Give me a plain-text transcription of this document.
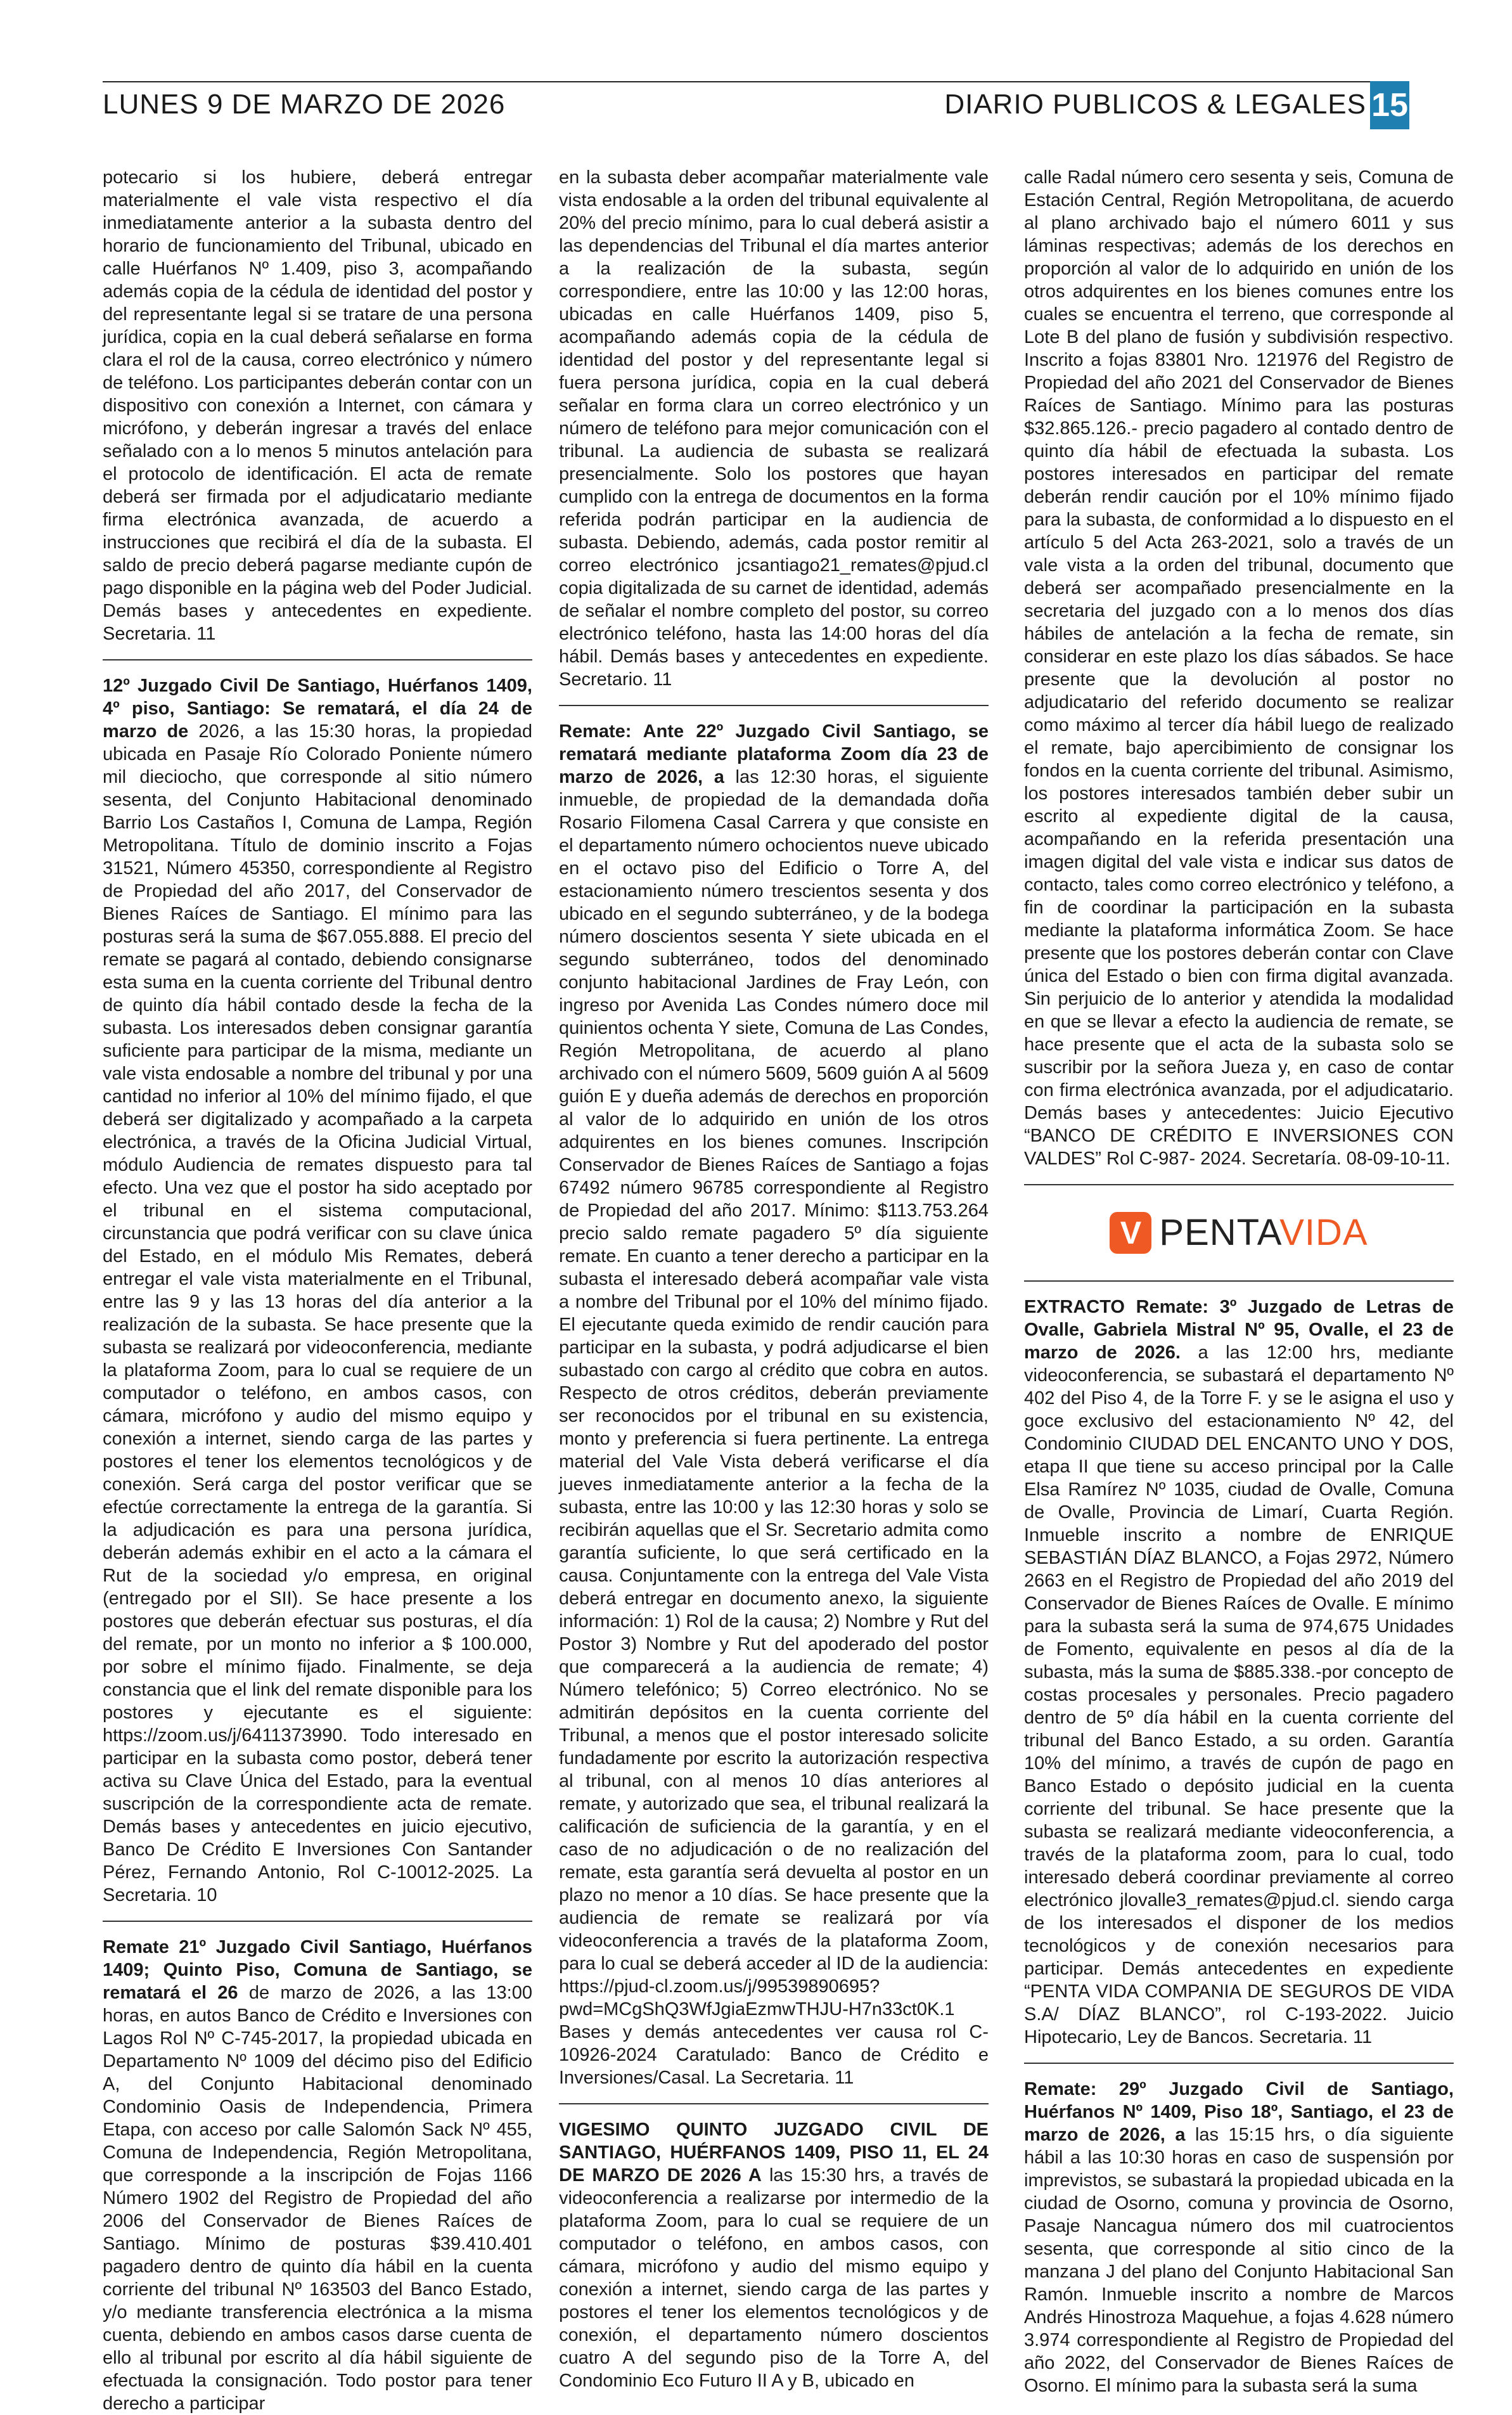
LUNES 9 DE MARZO DE 2026	DIARIO PUBLICOS & LEGALES 15

potecario si los hubiere, deberá entregar materialmente el vale vista respectivo el día inmediatamente anterior a la subasta dentro del horario de funcionamiento del Tribunal, ubicado en calle Huérfanos Nº 1.409, piso 3, acompañando además copia de la cédula de identidad del postor y del representante legal si se tratare de una persona jurídica, copia en la cual deberá señalarse en forma clara el rol de la causa, correo electrónico y número de teléfono. Los participantes deberán contar con un dispositivo con conexión a Internet, con cámara y micrófono, y deberán ingresar a través del enlace señalado con a lo menos 5 minutos antelación para el protocolo de identificación. El acta de remate deberá ser firmada por el adjudicatario mediante firma electrónica avanzada, de acuerdo a instrucciones que recibirá el día de la subasta. El saldo de precio deberá pagarse mediante cupón de pago disponible en la página web del Poder Judicial. Demás bases y antecedentes en expediente. Secretaria. 11

12º Juzgado Civil De Santiago, Huérfanos 1409, 4º piso, Santiago: Se rematará, el día 24 de marzo de 2026, a las 15:30 horas, la propiedad ubicada en Pasaje Río Colorado Poniente número mil dieciocho, que corresponde al sitio número sesenta, del Conjunto Habitacional denominado Barrio Los Castaños I, Comuna de Lampa, Región Metropolitana. Título de dominio inscrito a Fojas 31521, Número 45350, correspondiente al Registro de Propiedad del año 2017, del Conservador de Bienes Raíces de Santiago. El mínimo para las posturas será la suma de $67.055.888. El precio del remate se pagará al contado, debiendo consignarse esta suma en la cuenta corriente del Tribunal dentro de quinto día hábil contado desde la fecha de la subasta. Los interesados deben consignar garantía suficiente para participar de la misma, mediante un vale vista endosable a nombre del tribunal y por una cantidad no inferior al 10% del mínimo fijado, el que deberá ser digitalizado y acompañado a la carpeta electrónica, a través de la Oficina Judicial Virtual, módulo Audiencia de remates dispuesto para tal efecto. Una vez que el postor ha sido aceptado por el tribunal en el sistema computacional, circunstancia que podrá verificar con su clave única del Estado, en el módulo Mis Remates, deberá entregar el vale vista materialmente en el Tribunal, entre las 9 y las 13 horas del día anterior a la realización de la subasta. Se hace presente que la subasta se realizará por videoconferencia, mediante la plataforma Zoom, para lo cual se requiere de un computador o teléfono, en ambos casos, con cámara, micrófono y audio del mismo equipo y conexión a internet, siendo carga de las partes y postores el tener los elementos tecnológicos y de conexión. Será carga del postor verificar que se efectúe correctamente la entrega de la garantía. Si la adjudicación es para una persona jurídica, deberán además exhibir en el acto a la cámara el Rut de la sociedad y/o empresa, en original (entregado por el SII). Se hace presente a los postores que deberán efectuar sus posturas, el día del remate, por un monto no inferior a $ 100.000, por sobre el mínimo fijado. Finalmente, se deja constancia que el link del remate disponible para los postores y ejecutante es el siguiente: https://zoom.us/j/6411373990. Todo interesado en participar en la subasta como postor, deberá tener activa su Clave Única del Estado, para la eventual suscripción de la correspondiente acta de remate. Demás bases y antecedentes en juicio ejecutivo, Banco De Crédito E Inversiones Con Santander Pérez, Fernando Antonio, Rol C-10012-2025. La Secretaria. 10

Remate 21º Juzgado Civil Santiago, Huérfanos 1409; Quinto Piso, Comuna de Santiago, se rematará el 26 de marzo de 2026, a las 13:00 horas, en autos Banco de Crédito e Inversiones con Lagos Rol Nº C-745-2017, la propiedad ubicada en Departamento Nº 1009 del décimo piso del Edificio A, del Conjunto Habitacional denominado Condominio Oasis de Independencia, Primera Etapa, con acceso por calle Salomón Sack Nº 455, Comuna de Independencia, Región Metropolitana, que corresponde a la inscripción de Fojas 1166 Número 1902 del Registro de Propiedad del año 2006 del Conservador de Bienes Raíces de Santiago. Mínimo de posturas $39.410.401 pagadero dentro de quinto día hábil en la cuenta corriente del tribunal Nº 163503 del Banco Estado, y/o mediante transferencia electrónica a la misma cuenta, debiendo en ambos casos darse cuenta de ello al tribunal por escrito al día hábil siguiente de efectuada la consignación. Todo postor para tener derecho a participar

en la subasta deber acompañar materialmente vale vista endosable a la orden del tribunal equivalente al 20% del precio mínimo, para lo cual deberá asistir a las dependencias del Tribunal el día martes anterior a la realización de la subasta, según correspondiere, entre las 10:00 y las 12:00 horas, ubicadas en calle Huérfanos 1409, piso 5, acompañando además copia de la cédula de identidad del postor y del representante legal si fuera persona jurídica, copia en la cual deberá señalar en forma clara un correo electrónico y un número de teléfono para mejor comunicación con el tribunal. La audiencia de subasta se realizará presencialmente. Solo los postores que hayan cumplido con la entrega de documentos en la forma referida podrán participar en la audiencia de subasta. Debiendo, además, cada postor remitir al correo electrónico jcsantiago21_remates@pjud.cl copia digitalizada de su carnet de identidad, además de señalar el nombre completo del postor, su correo electrónico teléfono, hasta las 14:00 horas del día hábil. Demás bases y antecedentes en expediente. Secretario. 11

Remate: Ante 22º Juzgado Civil Santiago, se rematará mediante plataforma Zoom día 23 de marzo de 2026, a las 12:30 horas, el siguiente inmueble, de propiedad de la demandada doña Rosario Filomena Casal Carrera y que consiste en el departamento número ochocientos nueve ubicado en el octavo piso del Edificio o Torre A, del estacionamiento número trescientos sesenta y dos ubicado en el segundo subterráneo, y de la bodega número doscientos sesenta Y siete ubicada en el segundo subterráneo, todos del denominado conjunto habitacional Jardines de Fray León, con ingreso por Avenida Las Condes número doce mil quinientos ochenta Y siete, Comuna de Las Condes, Región Metropolitana, de acuerdo al plano archivado con el número 5609, 5609 guión A al 5609 guión E y dueña además de derechos en proporción al valor de lo adquirido en unión de los otros adquirentes en los bienes comunes. Inscripción Conservador de Bienes Raíces de Santiago a fojas 67492 número 96785 correspondiente al Registro de Propiedad del año 2017. Mínimo: $113.753.264 precio saldo remate pagadero 5º día siguiente remate. En cuanto a tener derecho a participar en la subasta el interesado deberá acompañar vale vista a nombre del Tribunal por el 10% del mínimo fijado. El ejecutante queda eximido de rendir caución para participar en la subasta, y podrá adjudicarse el bien subastado con cargo al crédito que cobra en autos. Respecto de otros créditos, deberán previamente ser reconocidos por el tribunal en su existencia, monto y preferencia si fuera pertinente. La entrega material del Vale Vista deberá verificarse el día jueves inmediatamente anterior a la fecha de la subasta, entre las 10:00 y las 12:30 horas y solo se recibirán aquellas que el Sr. Secretario admita como garantía suficiente, lo que será certificado en la causa. Conjuntamente con la entrega del Vale Vista deberá entregar en documento anexo, la siguiente información: 1) Rol de la causa; 2) Nombre y Rut del Postor 3) Nombre y Rut del apoderado del postor que comparecerá a la audiencia de remate; 4) Número telefónico; 5) Correo electrónico. No se admitirán depósitos en la cuenta corriente del Tribunal, a menos que el postor interesado solicite fundadamente por escrito la autorización respectiva al tribunal, con al menos 10 días anteriores al remate, y autorizado que sea, el tribunal realizará la calificación de suficiencia de la garantía, y en el caso de no adjudicación o de no realización del remate, esta garantía será devuelta al postor en un plazo no menor a 10 días. Se hace presente que la audiencia de remate se realizará por vía videoconferencia a través de la plataforma Zoom, para lo cual se deberá acceder al ID de la audiencia: https://pjud-cl.zoom.us/j/99539890695?pwd=MCgShQ3WfJgiaEzmwTHJU-H7n33ct0K.1 Bases y demás antecedentes ver causa rol C-10926-2024 Caratulado: Banco de Crédito e Inversiones/Casal. La Secretaria. 11

VIGESIMO QUINTO JUZGADO CIVIL DE SANTIAGO, HUÉRFANOS 1409, PISO 11, EL 24 DE MARZO DE 2026 A las 15:30 hrs, a través de videoconferencia a realizarse por intermedio de la plataforma Zoom, para lo cual se requiere de un computador o teléfono, en ambos casos, con cámara, micrófono y audio del mismo equipo y conexión a internet, siendo carga de las partes y postores el tener los elementos tecnológicos y de conexión, el departamento número doscientos cuatro A del segundo piso de la Torre A, del Condominio Eco Futuro II A y B, ubicado en

calle Radal número cero sesenta y seis, Comuna de Estación Central, Región Metropolitana, de acuerdo al plano archivado bajo el número 6011 y sus láminas respectivas; además de los derechos en proporción al valor de lo adquirido en unión de los otros adquirentes en los bienes comunes entre los cuales se encuentra el terreno, que corresponde al Lote B del plano de fusión y subdivisión respectivo. Inscrito a fojas 83801 Nro. 121976 del Registro de Propiedad del año 2021 del Conservador de Bienes Raíces de Santiago. Mínimo para las posturas $32.865.126.- precio pagadero al contado dentro de quinto día hábil de efectuada la subasta. Los postores interesados en participar del remate deberán rendir caución por el 10% mínimo fijado para la subasta, de conformidad a lo dispuesto en el artículo 5 del Acta 263-2021, solo a través de un vale vista a la orden del tribunal, documento que deberá ser acompañado presencialmente en la secretaria del juzgado con a lo menos dos días hábiles de antelación a la fecha de remate, sin considerar en este plazo los días sábados. Se hace presente que la devolución al postor no adjudicatario del referido documento se realizar como máximo al tercer día hábil luego de realizado el remate, bajo apercibimiento de consignar los fondos en la cuenta corriente del tribunal. Asimismo, los postores interesados también deber subir un escrito al expediente digital de la causa, acompañando en la referida presentación una imagen digital del vale vista e indicar sus datos de contacto, tales como correo electrónico y teléfono, a fin de coordinar la participación en la subasta mediante la plataforma informática Zoom. Se hace presente que los postores deberán contar con Clave única del Estado o bien con firma digital avanzada. Sin perjuicio de lo anterior y atendida la modalidad en que se llevar a efecto la audiencia de remate, se hace presente que el acta de la subasta solo se suscribir por la señora Jueza y, en caso de contar con firma electrónica avanzada, por el adjudicatario. Demás bases y antecedentes: Juicio Ejecutivo “BANCO DE CRÉDITO E INVERSIONES CON VALDES” Rol C-987- 2024. Secretaría. 08-09-10-11.

V PENTAVIDA

EXTRACTO Remate: 3º Juzgado de Letras de Ovalle, Gabriela Mistral Nº 95, Ovalle, el 23 de marzo de 2026. a las 12:00 hrs, mediante videoconferencia, se subastará el departamento Nº 402 del Piso 4, de la Torre F. y se le asigna el uso y goce exclusivo del estacionamiento Nº 42, del Condominio CIUDAD DEL ENCANTO UNO Y DOS, etapa II que tiene su acceso principal por la Calle Elsa Ramírez Nº 1035, ciudad de Ovalle, Comuna de Ovalle, Provincia de Limarí, Cuarta Región. Inmueble inscrito a nombre de ENRIQUE SEBASTIÁN DÍAZ BLANCO, a Fojas 2972, Número 2663 en el Registro de Propiedad del año 2019 del Conservador de Bienes Raíces de Ovalle. E mínimo para la subasta será la suma de 974,675 Unidades de Fomento, equivalente en pesos al día de la subasta, más la suma de $885.338.-por concepto de costas procesales y personales. Precio pagadero dentro de 5º día hábil en la cuenta corriente del tribunal del Banco Estado, a su orden. Garantía 10% del mínimo, a través de cupón de pago en Banco Estado o depósito judicial en la cuenta corriente del tribunal. Se hace presente que la subasta se realizará mediante videoconferencia, a través de la plataforma zoom, para lo cual, todo interesado deberá coordinar previamente al correo electrónico jlovalle3_remates@pjud.cl. siendo carga de los interesados el disponer de los medios tecnológicos y de conexión necesarios para participar. Demás antecedentes en expediente “PENTA VIDA COMPANIA DE SEGUROS DE VIDA S.A/ DÍAZ BLANCO”, rol C-193-2022. Juicio Hipotecario, Ley de Bancos. Secretaria. 11

Remate: 29º Juzgado Civil de Santiago, Huérfanos Nº 1409, Piso 18º, Santiago, el 23 de marzo de 2026, a las 15:15 hrs, o día siguiente hábil a las 10:30 horas en caso de suspensión por imprevistos, se subastará la propiedad ubicada en la ciudad de Osorno, comuna y provincia de Osorno, Pasaje Nancagua número dos mil cuatrocientos sesenta, que corresponde al sitio cinco de la manzana J del plano del Conjunto Habitacional San Ramón. Inmueble inscrito a nombre de Marcos Andrés Hinostroza Maquehue, a fojas 4.628 número 3.974 correspondiente al Registro de Propiedad del año 2022, del Conservador de Bienes Raíces de Osorno. El mínimo para la subasta será la suma
